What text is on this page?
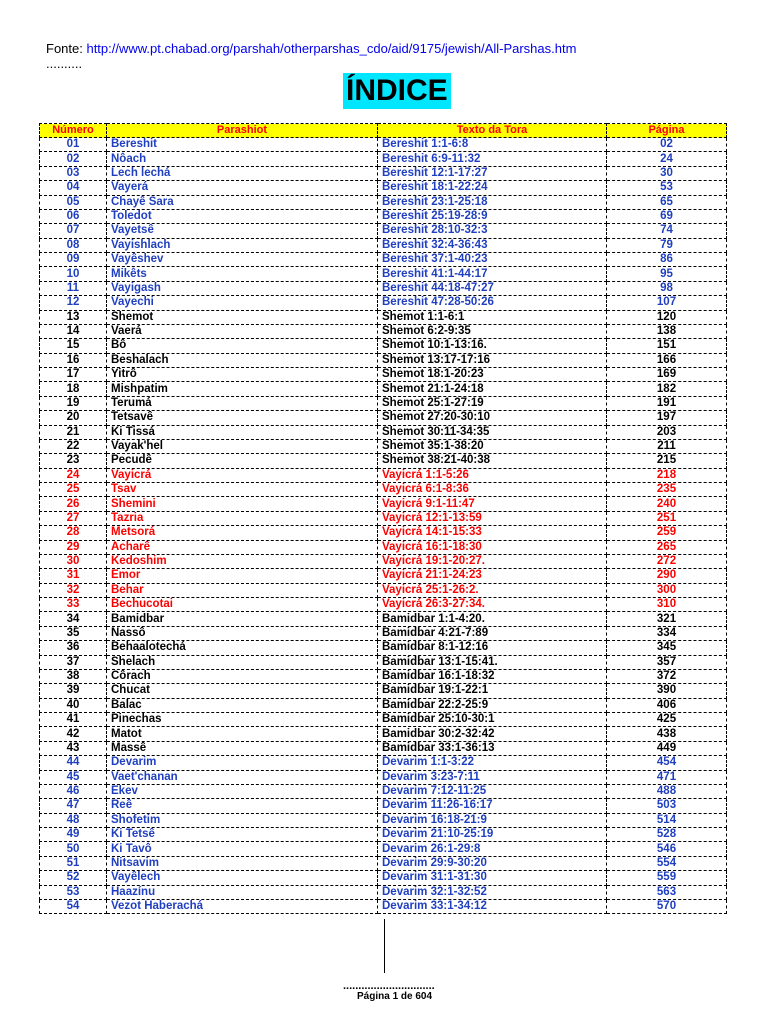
Fonte: http://www.pt.chabad.org/parshah/otherparshas_cdo/aid/9175/jewish/All-Parshas.htm
..........
ÍNDICE
Número	Parashiot	Texto da Tora	Página
01	Bereshit	Bereshit 1:1-6:8	02
02	Nôach	Bereshit 6:9-11:32	24
03	Lech lechá	Bereshit 12:1-17:27	30
04	Vayerá	Bereshit 18:1-22:24	53
05	Chayê Sara	Bereshit 23:1-25:18	65
06	Toledot	Bereshit 25:19-28:9	69
07	Vayetsê	Bereshit 28:10-32:3	74
08	Vayishlach	Bereshit 32:4-36:43	79
09	Vayêshev	Bereshit 37:1-40:23	86
10	Mikêts	Bereshit 41:1-44:17	95
11	Vayigash	Bereshit 44:18-47:27	98
12	Vayechi	Bereshit 47:28-50:26	107
13	Shemot	Shemot 1:1-6:1	120
14	Vaerá	Shemot 6:2-9:35	138
15	Bô	Shemot 10:1-13:16.	151
16	Beshalach	Shemot 13:17-17:16	166
17	Yitrô	Shemot 18:1-20:23	169
18	Mishpatim	Shemot 21:1-24:18	182
19	Terumá	Shemot 25:1-27:19	191
20	Tetsavê	Shemot 27:20-30:10	197
21	Ki Tissá	Shemot 30:11-34:35	203
22	Vayak'hel	Shemot 35:1-38:20	211
23	Pecudê	Shemot 38:21-40:38	215
24	Vayicrá	Vayicrá 1:1-5:26	218
25	Tsav	Vayicrá 6:1-8:36	235
26	Shemini	Vayicrá 9:1-11:47	240
27	Tazria	Vayicrá 12:1-13:59	251
28	Metsorá	Vayicrá 14:1-15:33	259
29	Acharê	Vayicrá 16:1-18:30	265
30	Kedoshim	Vayicrá 19:1-20:27.	272
31	Emor	Vayicrá 21:1-24:23	290
32	Behar	Vayicrá 25:1-26:2.	300
33	Bechucotai	Vayicrá 26:3-27:34.	310
34	Bamidbar	Bamidbar 1:1-4:20.	321
35	Nassô	Bamidbar 4:21-7:89	334
36	Behaalotechá	Bamidbar 8:1-12:16	345
37	Shelach	Bamidbar 13:1-15:41.	357
38	Côrach	Bamidbar 16:1-18:32	372
39	Chucat	Bamidbar 19:1-22:1	390
40	Balac	Bamidbar 22:2-25:9	406
41	Pinechas	Bamidbar 25:10-30:1	425
42	Matot	Bamidbar 30:2-32:42	438
43	Massê	Bamidbar 33:1-36:13	449
44	Devarim	Devarim 1:1-3:22	454
45	Vaet'chanan	Devarim 3:23-7:11	471
46	Êkev	Devarim 7:12-11:25	488
47	Reê	Devarim 11:26-16:17	503
48	Shofetim	Devarim 16:18-21:9	514
49	Ki Tetsê	Devarim 21:10-25:19	528
50	Ki Tavô	Devarim 26:1-29:8	546
51	Nitsavim	Devarim 29:9-30:20	554
52	Vayêlech	Devarim 31:1-31:30	559
53	Haazínu	Devarim 32:1-32:52	563
54	Vezot Haberachá	Devarim 33:1-34:12	570
..............................
Página 1 de 604
